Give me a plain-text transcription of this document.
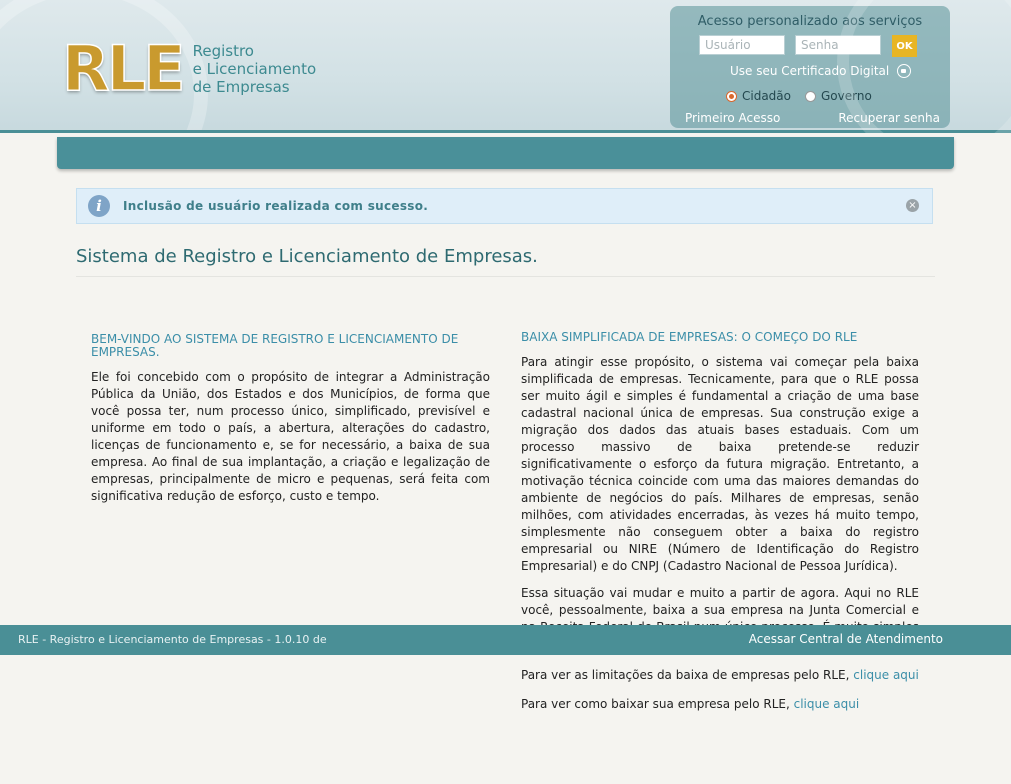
RLE Registro
e Licenciamento
de Empresas
Acesso personalizado aos serviços
Usuário
OK
Use seu Certificado Digital
Cidadão	Governo
Primeiro Acesso	Recuperar senha
i	Inclusão de usuário realizada com sucesso.	×
Sistema de Registro e Licenciamento de Empresas.
BEM-VINDO AO SISTEMA DE REGISTRO E LICENCIAMENTO DE EMPRESAS.

Ele foi concebido com o propósito de integrar a Administração Pública da União, dos Estados e dos Municípios, de forma que você possa ter, num processo único, simplificado, previsível e uniforme em todo o país, a abertura, alterações do cadastro, licenças de funcionamento e, se for necessário, a baixa de sua empresa. Ao final de sua implantação, a criação e legalização de empresas, principalmente de micro e pequenas, será feita com significativa redução de esforço, custo e tempo.

BAIXA SIMPLIFICADA DE EMPRESAS: O COMEÇO DO RLE

Para atingir esse propósito, o sistema vai começar pela baixa simplificada de empresas. Tecnicamente, para que o RLE possa ser muito ágil e simples é fundamental a criação de uma base cadastral nacional única de empresas. Sua construção exige a migração dos dados das atuais bases estaduais. Com um processo massivo de baixa pretende-se reduzir significativamente o esforço da futura migração. Entretanto, a motivação técnica coincide com uma das maiores demandas do ambiente de negócios do país. Milhares de empresas, senão milhões, com atividades encerradas, às vezes há muito tempo, simplesmente não conseguem obter a baixa do registro empresarial ou NIRE (Número de Identificação do Registro Empresarial) e do CNPJ (Cadastro Nacional de Pessoa Jurídica).

Essa situação vai mudar e muito a partir de agora. Aqui no RLE você, pessoalmente, baixa a sua empresa na Junta Comercial e

RLE - Registro e Licenciamento de Empresas - 1.0.10 de	Acessar Central de Atendimento

Para ver as limitações da baixa de empresas pelo RLE, clique aqui

Para ver como baixar sua empresa pelo RLE, clique aqui
